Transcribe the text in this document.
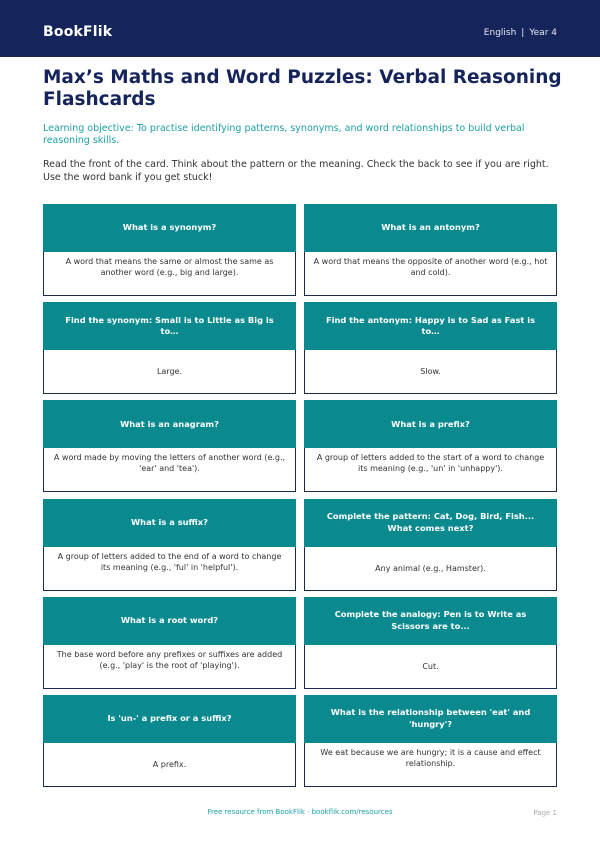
BookFlik	English | Year 4
Max’s Maths and Word Puzzles: Verbal Reasoning Flashcards

Learning objective: To practise identifying patterns, synonyms, and word relationships to build verbal reasoning skills.

Read the front of the card. Think about the pattern or the meaning. Check the back to see if you are right. Use the word bank if you get stuck!

What is a synonym?
A word that means the same or almost the same as another word (e.g., big and large).
What is an antonym?
A word that means the opposite of another word (e.g., hot and cold).
Find the synonym: Small is to Little as Big is to…
Large.
Find the antonym: Happy is to Sad as Fast is to…
Slow.
What is an anagram?
A word made by moving the letters of another word (e.g., 'ear' and 'tea').
What is a prefix?
A group of letters added to the start of a word to change its meaning (e.g., 'un' in 'unhappy').
What is a suffix?
A group of letters added to the end of a word to change its meaning (e.g., 'ful' in 'helpful').
Complete the pattern: Cat, Dog, Bird, Fish... What comes next?
Any animal (e.g., Hamster).
What is a root word?
The base word before any prefixes or suffixes are added (e.g., 'play' is the root of 'playing').
Complete the analogy: Pen is to Write as Scissors are to...
Cut.
Is 'un-' a prefix or a suffix?
A prefix.
What is the relationship between 'eat' and 'hungry'?
We eat because we are hungry; it is a cause and effect relationship.
Free resource from BookFlik · bookflik.com/resources	Page 1
